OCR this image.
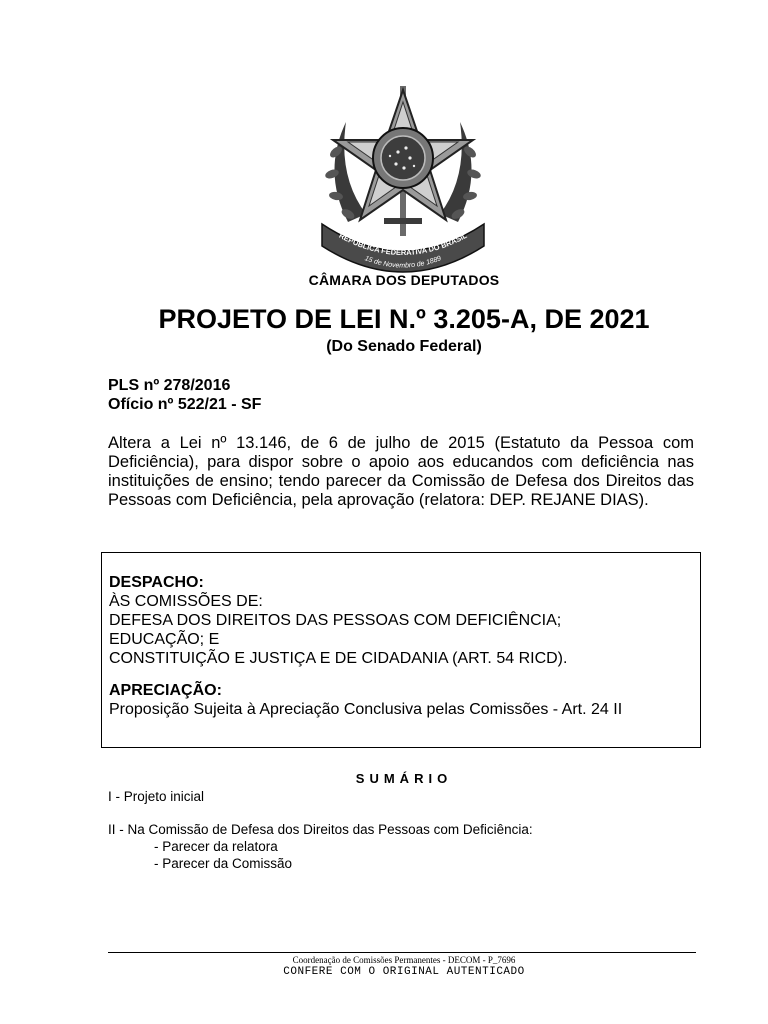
REPÚBLICA FEDERATIVA DO BRASIL
15 de Novembro de 1889
CÂMARA DOS DEPUTADOS
PROJETO DE LEI N.º 3.205-A, DE 2021
(Do Senado Federal)
PLS nº 278/2016
Ofício nº 522/21 - SF
Altera a Lei nº 13.146, de 6 de julho de 2015 (Estatuto da Pessoa com Deficiência), para dispor sobre o apoio aos educandos com deficiência nas instituições de ensino; tendo parecer da Comissão de Defesa dos Direitos das Pessoas com Deficiência, pela aprovação (relatora: DEP. REJANE DIAS).
DESPACHO:
ÀS COMISSÕES DE:
DEFESA DOS DIREITOS DAS PESSOAS COM DEFICIÊNCIA;
EDUCAÇÃO; E
CONSTITUIÇÃO E JUSTIÇA E DE CIDADANIA (ART. 54 RICD).
APRECIAÇÃO:
Proposição Sujeita à Apreciação Conclusiva pelas Comissões - Art. 24 II
SUMÁRIO
I - Projeto inicial
II - Na Comissão de Defesa dos Direitos das Pessoas com Deficiência:
- Parecer da relatora
- Parecer da Comissão
Coordenação de Comissões Permanentes - DECOM - P_7696
CONFERE COM O ORIGINAL AUTENTICADO
